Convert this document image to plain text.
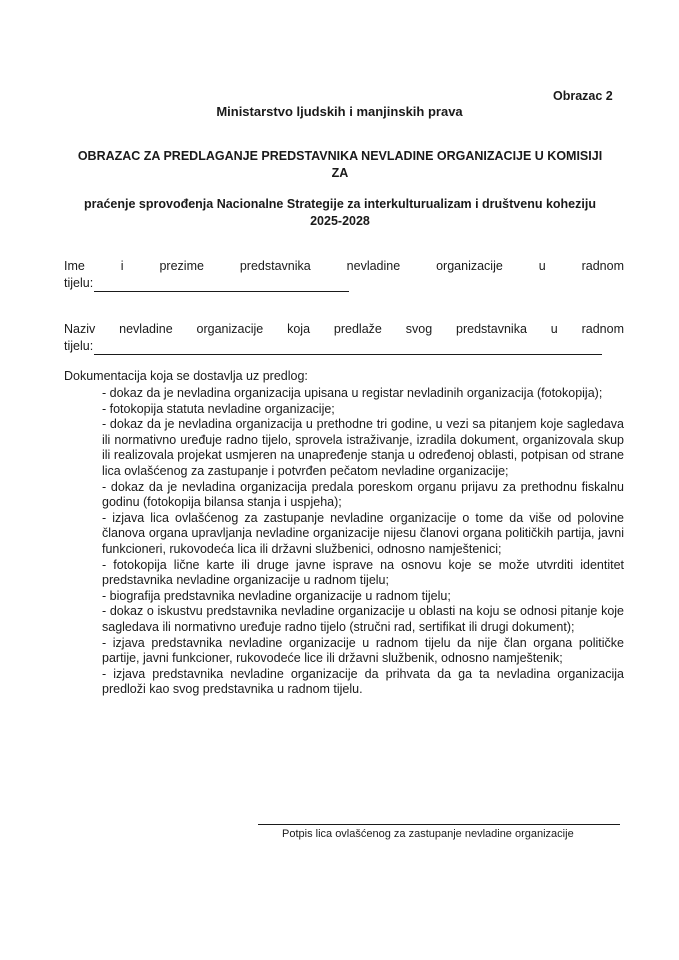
Obrazac 2
Ministarstvo ljudskih i manjinskih prava
OBRAZAC ZA PREDLAGANJE PREDSTAVNIKA NEVLADINE ORGANIZACIJE U KOMISIJI ZA
praćenje sprovođenja Nacionalne Strategije za interkulturualizam i društvenu koheziju 2025-2028
Ime i prezime predstavnika nevladine organizacije u radnom
tijelu:
Naziv nevladine organizacije koja predlaže svog predstavnika u radnom
tijelu:
Dokumentacija koja se dostavlja uz predlog:
- dokaz da je nevladina organizacija upisana u registar nevladinih organizacija (fotokopija);
- fotokopija statuta nevladine organizacije;
- dokaz da je nevladina organizacija u prethodne tri godine, u vezi sa pitanjem koje sagledava ili normativno uređuje radno tijelo, sprovela istraživanje, izradila dokument, organizovala skup ili realizovala projekat usmjeren na unapređenje stanja u određenoj oblasti, potpisan od strane lica ovlašćenog za zastupanje i potvrđen pečatom nevladine organizacije;
- dokaz da je nevladina organizacija predala poreskom organu prijavu za prethodnu fiskalnu godinu (fotokopija bilansa stanja i uspjeha);
- izjava lica ovlašćenog za zastupanje nevladine organizacije o tome da više od polovine članova organa upravljanja nevladine organizacije nijesu članovi organa političkih partija, javni funkcioneri, rukovodeća lica ili državni službenici, odnosno namještenici;
- fotokopija lične karte ili druge javne isprave na osnovu koje se može utvrditi identitet predstavnika nevladine organizacije u radnom tijelu;
- biografija predstavnika nevladine organizacije u radnom tijelu;
- dokaz o iskustvu predstavnika nevladine organizacije u oblasti na koju se odnosi pitanje koje sagledava ili normativno uređuje radno tijelo (stručni rad, sertifikat ili drugi dokument);
- izjava predstavnika nevladine organizacije u radnom tijelu da nije član organa političke partije, javni funkcioner, rukovodeće lice ili državni službenik, odnosno namještenik;
- izjava predstavnika nevladine organizacije da prihvata da ga ta nevladina organizacija predloži kao svog predstavnika u radnom tijelu.
Potpis lica ovlašćenog za zastupanje nevladine organizacije
